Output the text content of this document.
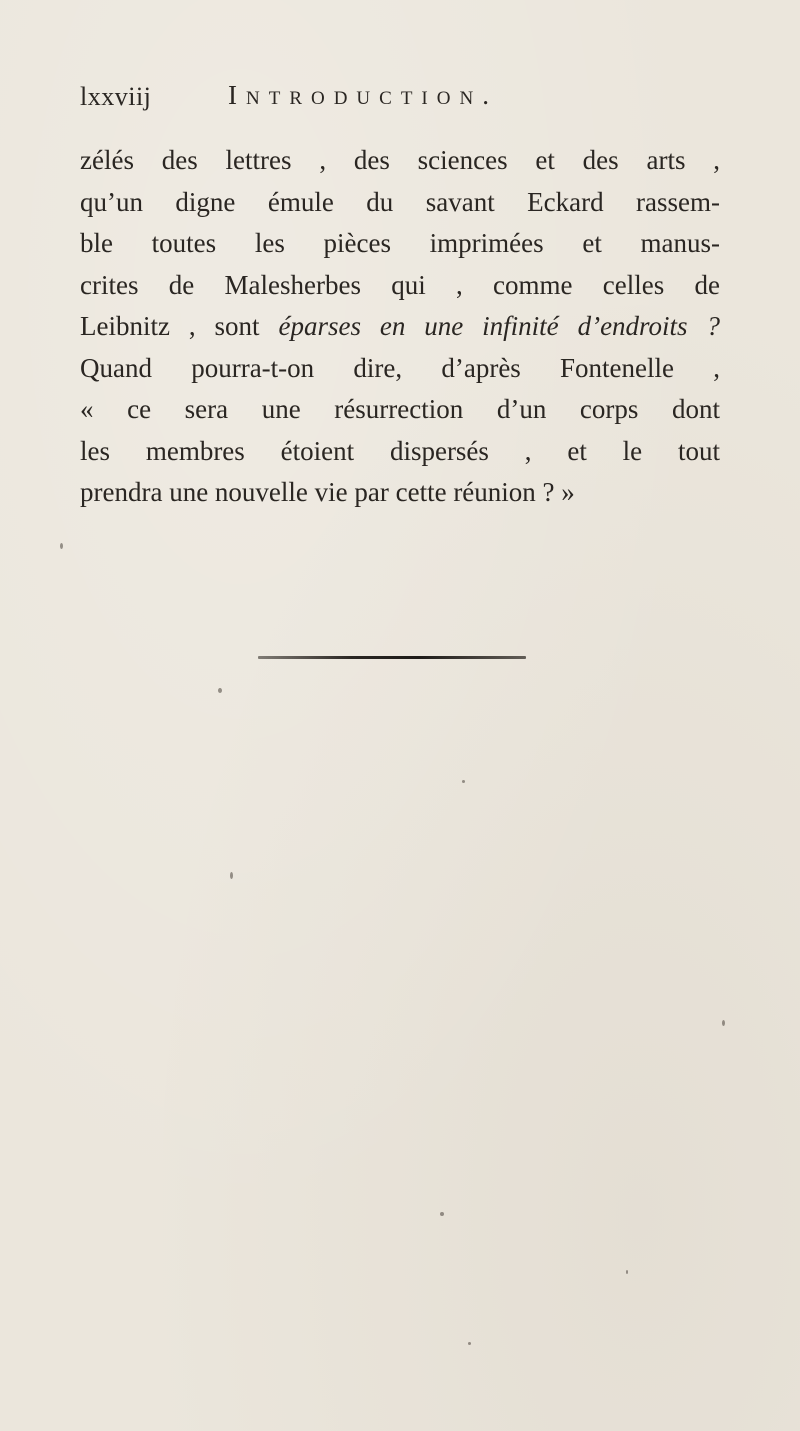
lxxviij	Introduction.
zélés des lettres , des sciences et des arts ,
qu’un digne émule du savant Eckard rassem-
ble toutes les pièces imprimées et manus-
crites de Malesherbes qui , comme celles de
Leibnitz , sont éparses en une infinité d’endroits ?
Quand pourra-t-on dire, d’après Fontenelle ,
« ce sera une résurrection d’un corps dont
les membres étoient dispersés , et le tout
prendra une nouvelle vie par cette réunion ? »
